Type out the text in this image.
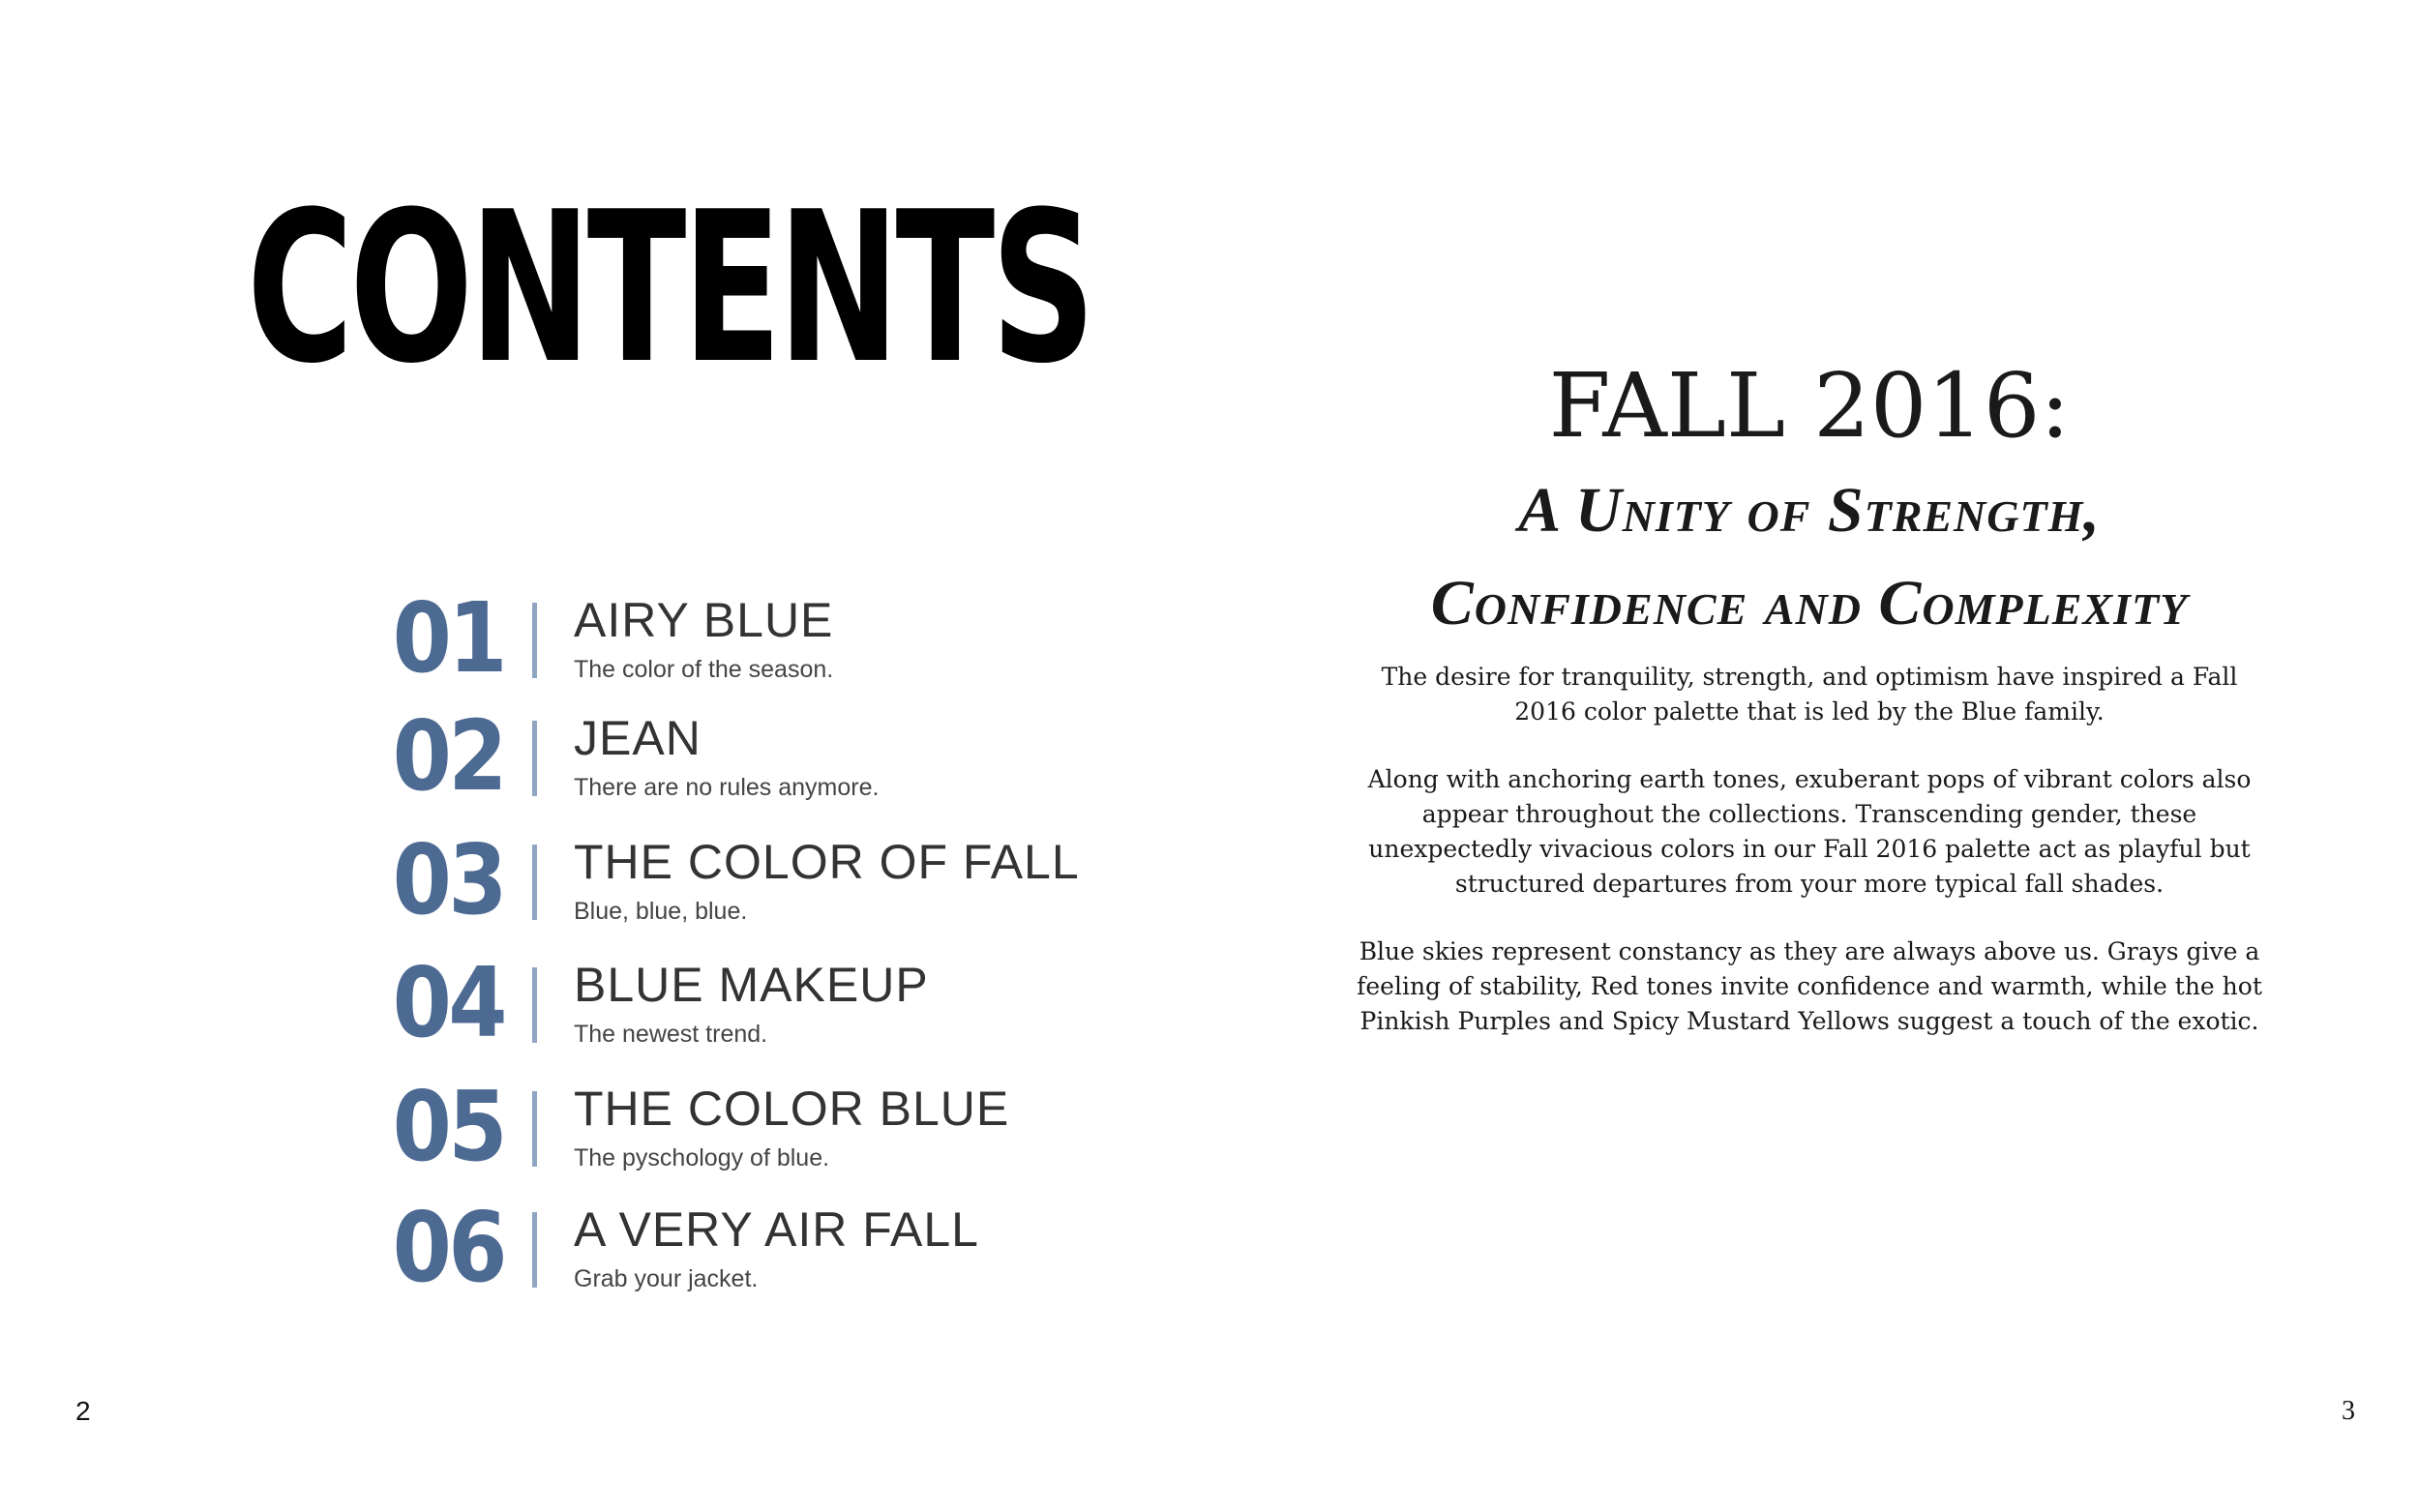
CONTENTS
01 AIRY BLUE
The color of the season.
02 JEAN
There are no rules anymore.
03 THE COLOR OF FALL
Blue, blue, blue.
04 BLUE MAKEUP
The newest trend.
05 THE COLOR BLUE
The pyschology of blue.
06 A VERY AIR FALL
Grab your jacket.
2
FALL 2016:
A Unity of Strength, Confidence and Complexity

The desire for tranquility, strength, and optimism have inspired a Fall 2016 color palette that is led by the Blue family.

Along with anchoring earth tones, exuberant pops of vibrant colors also appear throughout the collections. Transcending gender, these unexpectedly vivacious colors in our Fall 2016 palette act as playful but structured departures from your more typical fall shades.

Blue skies represent constancy as they are always above us. Grays give a feeling of stability, Red tones invite confidence and warmth, while the hot Pinkish Purples and Spicy Mustard Yellows suggest a touch of the exotic.

3
